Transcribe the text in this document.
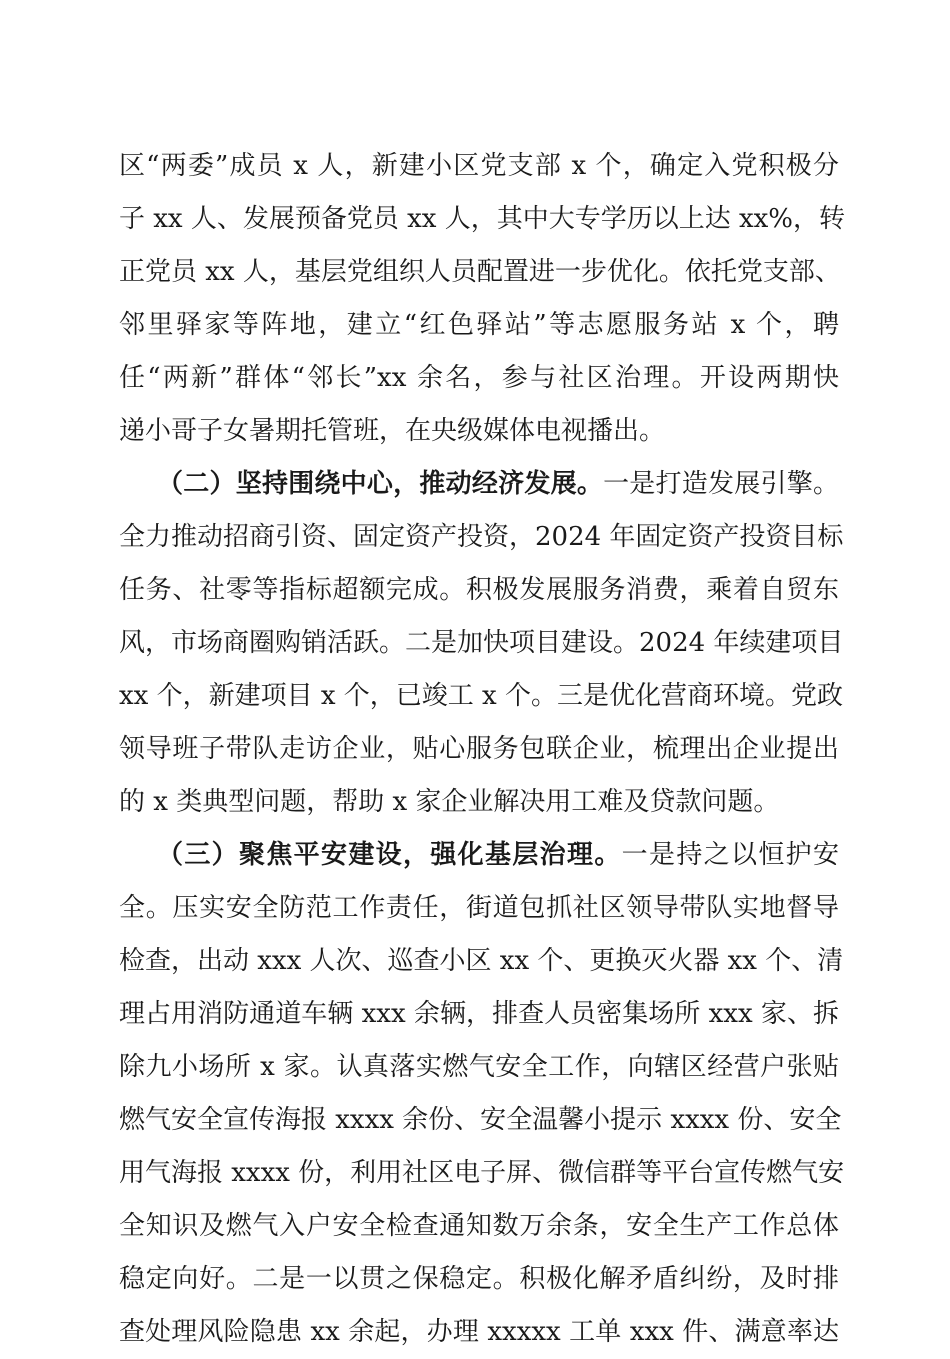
区“两委”成员 x 人，新建小区党支部 x 个，确定入党积极分
子 xx 人、发展预备党员 xx 人，其中大专学历以上达 xx%，转
正党员 xx 人，基层党组织人员配置进一步优化。依托党支部、
邻里驿家等阵地，建立“红色驿站”等志愿服务站 x 个，聘
任“两新”群体“邻长”xx 余名，参与社区治理。开设两期快
递小哥子女暑期托管班，在央级媒体电视播出。
（二）坚持围绕中心，推动经济发展。一是打造发展引擎。
全力推动招商引资、固定资产投资，2024 年固定资产投资目标
任务、社零等指标超额完成。积极发展服务消费，乘着自贸东
风，市场商圈购销活跃。二是加快项目建设。2024 年续建项目
xx 个，新建项目 x 个，已竣工 x 个。三是优化营商环境。党政
领导班子带队走访企业，贴心服务包联企业，梳理出企业提出
的 x 类典型问题，帮助 x 家企业解决用工难及贷款问题。
（三）聚焦平安建设，强化基层治理。一是持之以恒护安
全。压实安全防范工作责任，街道包抓社区领导带队实地督导
检查，出动 xxx 人次、巡查小区 xx 个、更换灭火器 xx 个、清
理占用消防通道车辆 xxx 余辆，排查人员密集场所 xxx 家、拆
除九小场所 x 家。认真落实燃气安全工作，向辖区经营户张贴
燃气安全宣传海报 xxxx 余份、安全温馨小提示 xxxx 份、安全
用气海报 xxxx 份，利用社区电子屏、微信群等平台宣传燃气安
全知识及燃气入户安全检查通知数万余条，安全生产工作总体
稳定向好。二是一以贯之保稳定。积极化解矛盾纠纷，及时排
查处理风险隐患 xx 余起，办理 xxxxx 工单 xxx 件、满意率达
